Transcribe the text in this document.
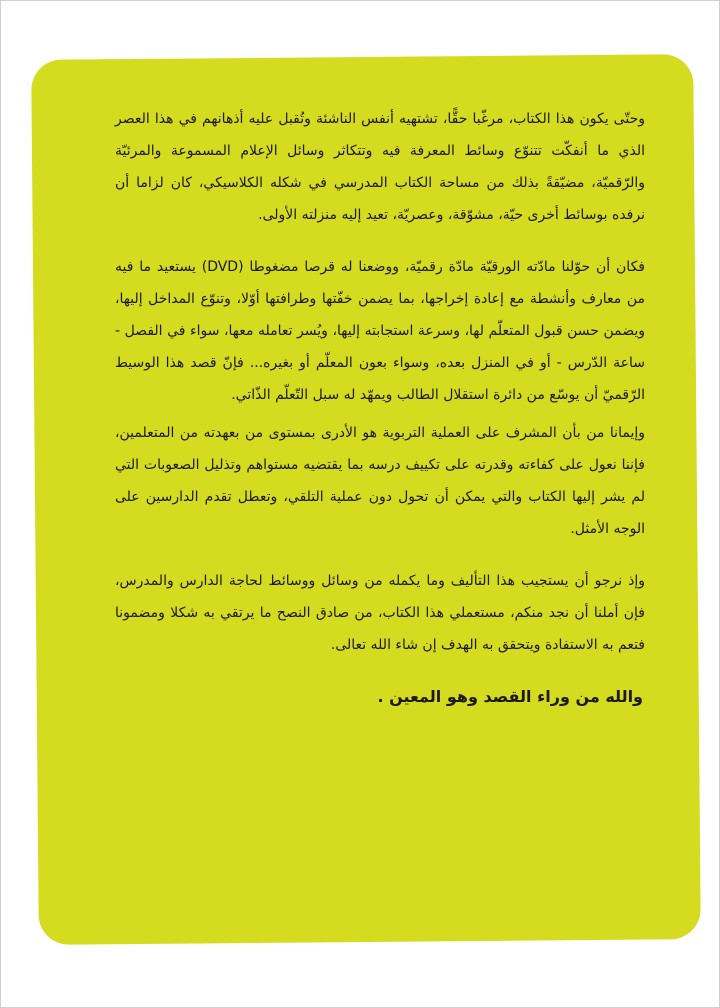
وحتّى يكون هذا الكتاب، مرغّبا حقًّا، تشتهيه أنفس الناشئة وتُقبل عليه أذهانهم في هذا العصر الذي ما أنفكّت تتنوّع وسائط المعرفة فيه وتتكاثر وسائل الإعلام المسموعة والمرئيّة والرّقميّة، مضيّقةً بذلك من مساحة الكتاب المدرسي في شكله الكلاسيكي، كان لزاما أن نرفده بوسائط أخرى حيّة، مشوّقة، وعصريّة، تعيد إليه منزلته الأولى.

فكان أن حوّلنا مادّته الورقيّة مادّة رقميّة، ووضعنا له قرصا مضغوطا (DVD) يستعيد ما فيه من معارف وأنشطة مع إعادة إخراجها، بما يضمن خفّتها وطرافتها أوّلا، وتنوّع المداخل إليها، ويضمن حسن قبول المتعلّم لها، وسرعة استجابته إليها، ويُسر تعامله معها، سواء في الفصل - ساعة الدّرس - أو في المنزل بعده، وسواء بعون المعلّم أو بغيره... فإنّ قصد هذا الوسيط الرّقميّ أن يوسّع من دائرة استقلال الطالب ويمهّد له سبل التّعلّم الذّاتي.

وإيمانا من بأن المشرف على العملية التربوية هو الأدرى بمستوى من بعهدته من المتعلمين، فإننا نعول على كفاءته وقدرته على تكييف درسه بما يقتضيه مستواهم وتذليل الصعوبات التي لم يشر إليها الكتاب والتي يمكن أن تحول دون عملية التلقي، وتعطل تقدم الدارسين على الوجه الأمثل.

وإذ نرجو أن يستجيب هذا التأليف وما يكمله من وسائل ووسائط لحاجة الدارس والمدرس، فإن أملنا أن نجد منكم، مستعملي هذا الكتاب، من صادق النصح ما يرتقي به شكلا ومضمونا فتعم به الاستفادة ويتحقق به الهدف إن شاء الله تعالى.

والله من وراء القصد وهو المعين .
